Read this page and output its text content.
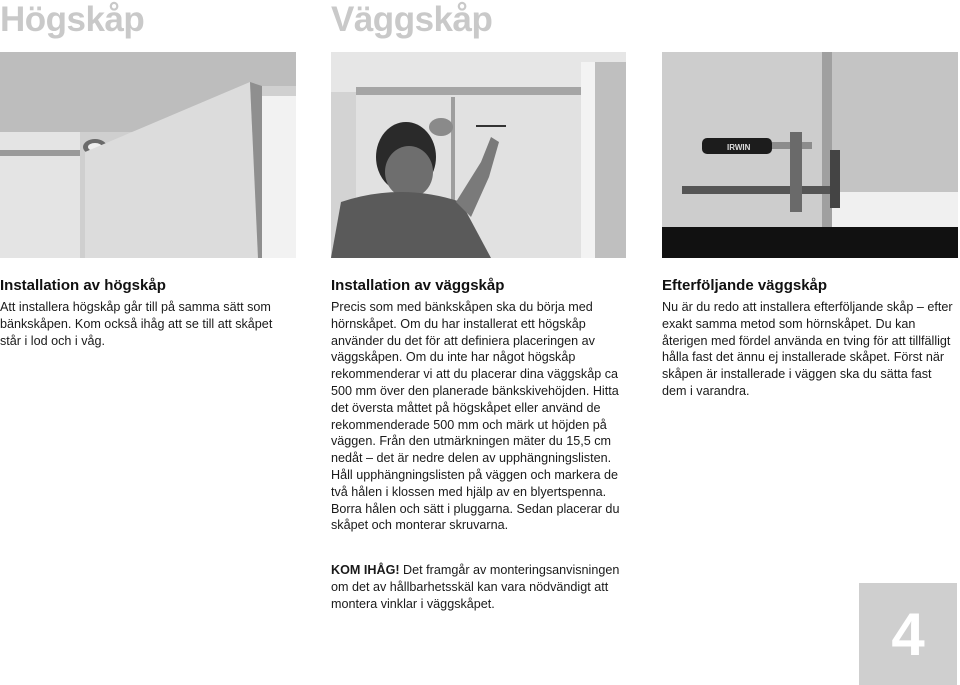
Högskåp	Väggskåp
IRWIN
Installation av högskåp

Att installera högskåp går till på samma sätt som bänkskåpen. Kom också ihåg att se till att skåpet står i lod och i våg.

Installation av väggskåp

Precis som med bänkskåpen ska du börja med hörnskåpet. Om du har installerat ett högskåp använder du det för att definiera placeringen av väggskåpen. Om du inte har något högskåp rekommenderar vi att du placerar dina väggskåp ca 500 mm över den planerade bänkskivehöjden. Hitta det översta måttet på högskåpet eller använd de rekommenderade 500 mm och märk ut höjden på väggen. Från den utmärkningen mäter du 15,5 cm nedåt – det är nedre delen av upphängningslisten. Håll upphängningslisten på väggen och markera de två hålen i klossen med hjälp av en blyertspenna. Borra hålen och sätt i pluggarna. Sedan placerar du skåpet och monterar skruvarna.

Efterföljande väggskåp

Nu är du redo att installera efterföljande skåp – efter exakt samma metod som hörnskåpet. Du kan återigen med fördel använda en tving för att tillfälligt hålla fast det ännu ej installerade skåpet. Först när skåpen är installerade i väggen ska du sätta fast dem i varandra.

KOM IHÅG! Det framgår av monteringsanvisningen om det av hållbarhetsskäl kan vara nödvändigt att montera vinklar i väggskåpet.	4
